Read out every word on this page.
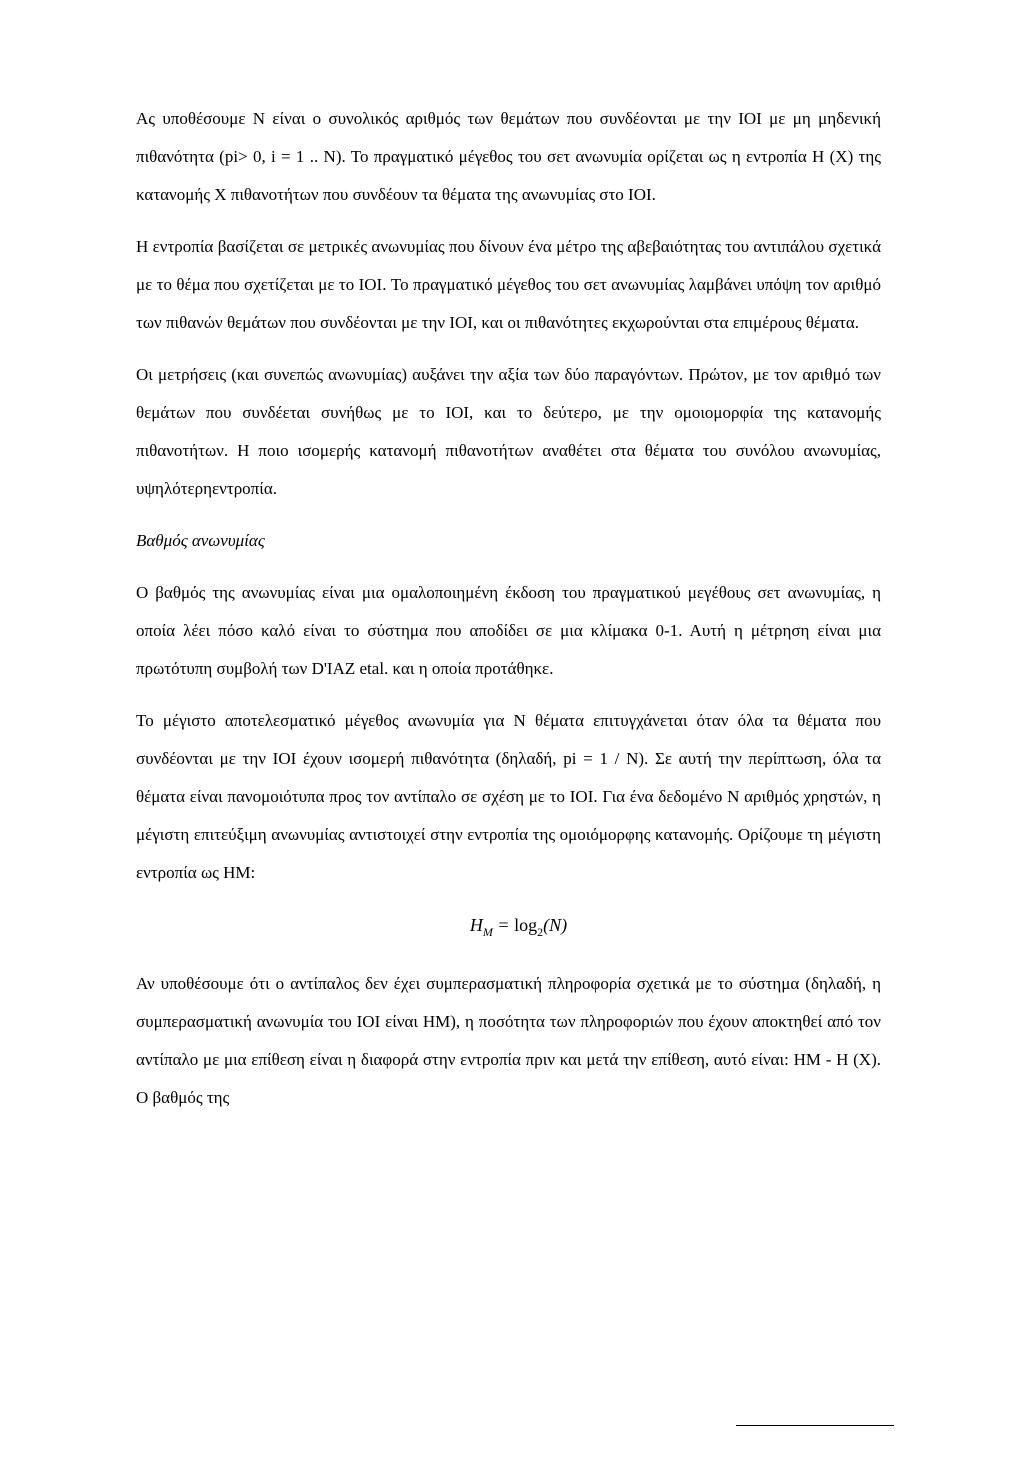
Ας υποθέσουμε Ν είναι ο συνολικός αριθμός των θεμάτων που συνδέονται με την IOI με μη μηδενική πιθανότητα (pi> 0, i = 1 .. N). Το πραγματικό μέγεθος του σετ ανωνυμία ορίζεται ως η εντροπία Η (Χ) της κατανομής Χ πιθανοτήτων που συνδέουν τα θέματα της ανωνυμίας στο IOI.

Η εντροπία βασίζεται σε μετρικές ανωνυμίας που δίνουν ένα μέτρο της αβεβαιότητας του αντιπάλου σχετικά με το θέμα που σχετίζεται με το IOI. Το πραγματικό μέγεθος του σετ ανωνυμίας λαμβάνει υπόψη τον αριθμό των πιθανών θεμάτων που συνδέονται με την IOI, και οι πιθανότητες εκχωρούνται στα επιμέρους θέματα.

Οι μετρήσεις (και συνεπώς ανωνυμίας) αυξάνει την αξία των δύο παραγόντων. Πρώτον, με τον αριθμό των θεμάτων που συνδέεται συνήθως με το IOI, και το δεύτερο, με την ομοιομορφία της κατανομής πιθανοτήτων. Η ποιο ισομερής κατανομή πιθανοτήτων αναθέτει στα θέματα του συνόλου ανωνυμίας, υψηλότερηεντροπία.

Βαθμός ανωνυμίας

Ο βαθμός της ανωνυμίας είναι μια ομαλοποιημένη έκδοση του πραγματικού μεγέθους σετ ανωνυμίας, η οποία λέει πόσο καλό είναι το σύστημα που αποδίδει σε μια κλίμακα 0-1. Αυτή η μέτρηση είναι μια πρωτότυπη συμβολή των D'IAZ etal. και η οποία προτάθηκε.

Το μέγιστο αποτελεσματικό μέγεθος ανωνυμία για Ν θέματα επιτυγχάνεται όταν όλα τα θέματα που συνδέονται με την IOI έχουν ισομερή πιθανότητα (δηλαδή, pi = 1 / Ν). Σε αυτή την περίπτωση, όλα τα θέματα είναι πανομοιότυπα προς τον αντίπαλο σε σχέση με το IOI. Για ένα δεδομένο Ν αριθμός χρηστών, η μέγιστη επιτεύξιμη ανωνυμίας αντιστοιχεί στην εντροπία της ομοιόμορφης κατανομής. Ορίζουμε τη μέγιστη εντροπία ως ΗΜ:

$H_M = \log_2(N)$

Αν υποθέσουμε ότι ο αντίπαλος δεν έχει συμπερασματική πληροφορία σχετικά με το σύστημα (δηλαδή, η συμπερασματική ανωνυμία του IOI είναι ΗΜ), η ποσότητα των πληροφοριών που έχουν αποκτηθεί από τον αντίπαλο με μια επίθεση είναι η διαφορά στην εντροπία πριν και μετά την επίθεση, αυτό είναι: ΗΜ - Η (Χ). Ο βαθμός της
